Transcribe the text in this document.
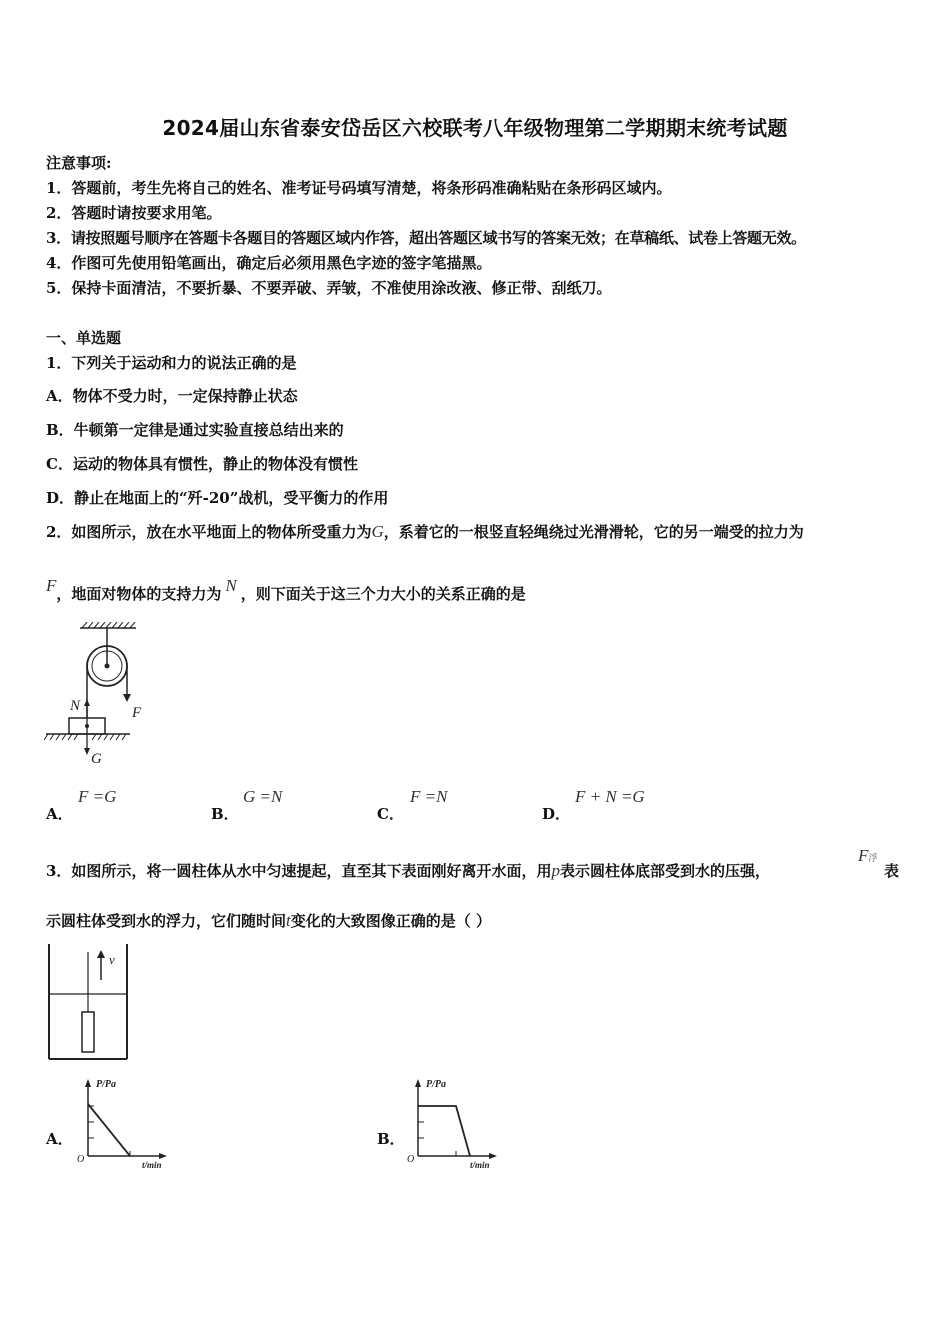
2024届山东省泰安岱岳区六校联考八年级物理第二学期期末统考试题
注意事项:
1．答题前，考生先将自己的姓名、准考证号码填写清楚，将条形码准确粘贴在条形码区域内。
2．答题时请按要求用笔。
3．请按照题号顺序在答题卡各题目的答题区域内作答，超出答题区域书写的答案无效；在草稿纸、试卷上答题无效。
4．作图可先使用铅笔画出，确定后必须用黑色字迹的签字笔描黑。
5．保持卡面清洁，不要折暴、不要弄破、弄皱，不准使用涂改液、修正带、刮纸刀。
一、单选题
1．下列关于运动和力的说法正确的是
A．物体不受力时，一定保持静止状态
B．牛顿第一定律是通过实验直接总结出来的
C．运动的物体具有惯性，静止的物体没有惯性
D．静止在地面上的“歼-20”战机，受平衡力的作用
2．如图所示，放在水平地面上的物体所受重力为G，系着它的一根竖直轻绳绕过光滑滑轮，它的另一端受的拉力为
F，地面对物体的支持力为 N ，则下面关于这三个力大小的关系正确的是
N	F
G
A．
F =G
B．
G =N
C．
F =N
D．
F + N =G
3．如图所示，将一圆柱体从水中匀速提起，直至其下表面刚好离开水面，用p表示圆柱体底部受到水的压强，
F浮
表
示圆柱体受到水的浮力，它们随时间t变化的大致图像正确的是（ ）
v
A．
P/Pa
O	t/min
B．
P/Pa
O	t/min
